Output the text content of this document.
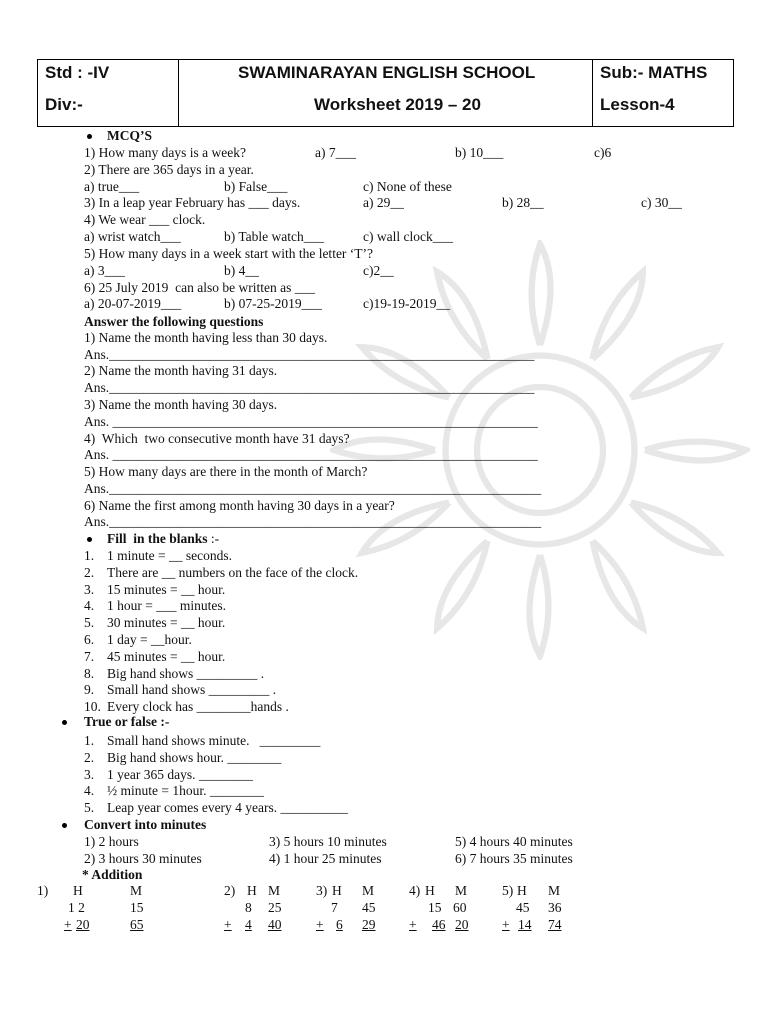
Std : -IV
Div:-
SWAMINARAYAN ENGLISH SCHOOL
Worksheet 2019 – 20
Sub:- MATHS
Lesson-4
MCQ’S
1) How many days is a week?	a) 7___	b) 10___	c)6
2) There are 365 days in a year.
a) true___	b) False___	c) None of these
3) In a leap year February has ___ days.	a) 29__	b) 28__	c) 30__
4) We wear ___ clock.
a) wrist watch___	b) Table watch___	c) wall clock___
5) How many days in a week start with the letter ‘T’?
a) 3___	b) 4__	c)2__
6) 25 July 2019  can also be written as ___
a) 20-07-2019___	b) 07-25-2019___	c)19-19-2019__
Answer the following questions
1) Name the month having less than 30 days.
Ans._______________________________________________________________
2) Name the month having 31 days.
Ans._______________________________________________________________
3) Name the month having 30 days.
Ans. _______________________________________________________________
4)  Which  two consecutive month have 31 days?
Ans. _______________________________________________________________
5) How many days are there in the month of March?
Ans.________________________________________________________________
6) Name the first among month having 30 days in a year?
Ans.________________________________________________________________
Fill  in the blanks :-
1. 1 minute = __ seconds.
2. There are __ numbers on the face of the clock.
3. 15 minutes = __ hour.
4. 1 hour = ___ minutes.
5. 30 minutes = __ hour.
6. 1 day = __hour.
7. 45 minutes = __ hour.
8. Big hand shows _________ .
9. Small hand shows _________ .
10. Every clock has ________hands .
True or false :-
1. Small hand shows minute.   _________
2. Big hand shows hour. ________
3. 1 year 365 days. ________
4. ½ minute = 1hour. ________
5. Leap year comes every 4 years. __________
Convert into minutes
1) 2 hours	3) 5 hours 10 minutes	5) 4 hours 40 minutes
2) 3 hours 30 minutes	4) 1 hour 25 minutes	6) 7 hours 35 minutes
* Addition
1) H	M
1 2	15
+ 20	65
2) H M
8 25
+ 4 40
3) H M
7 45
+ 6 29
4) H M
15 60
+ 46 20
5) H M
45 36
+ 14 74
